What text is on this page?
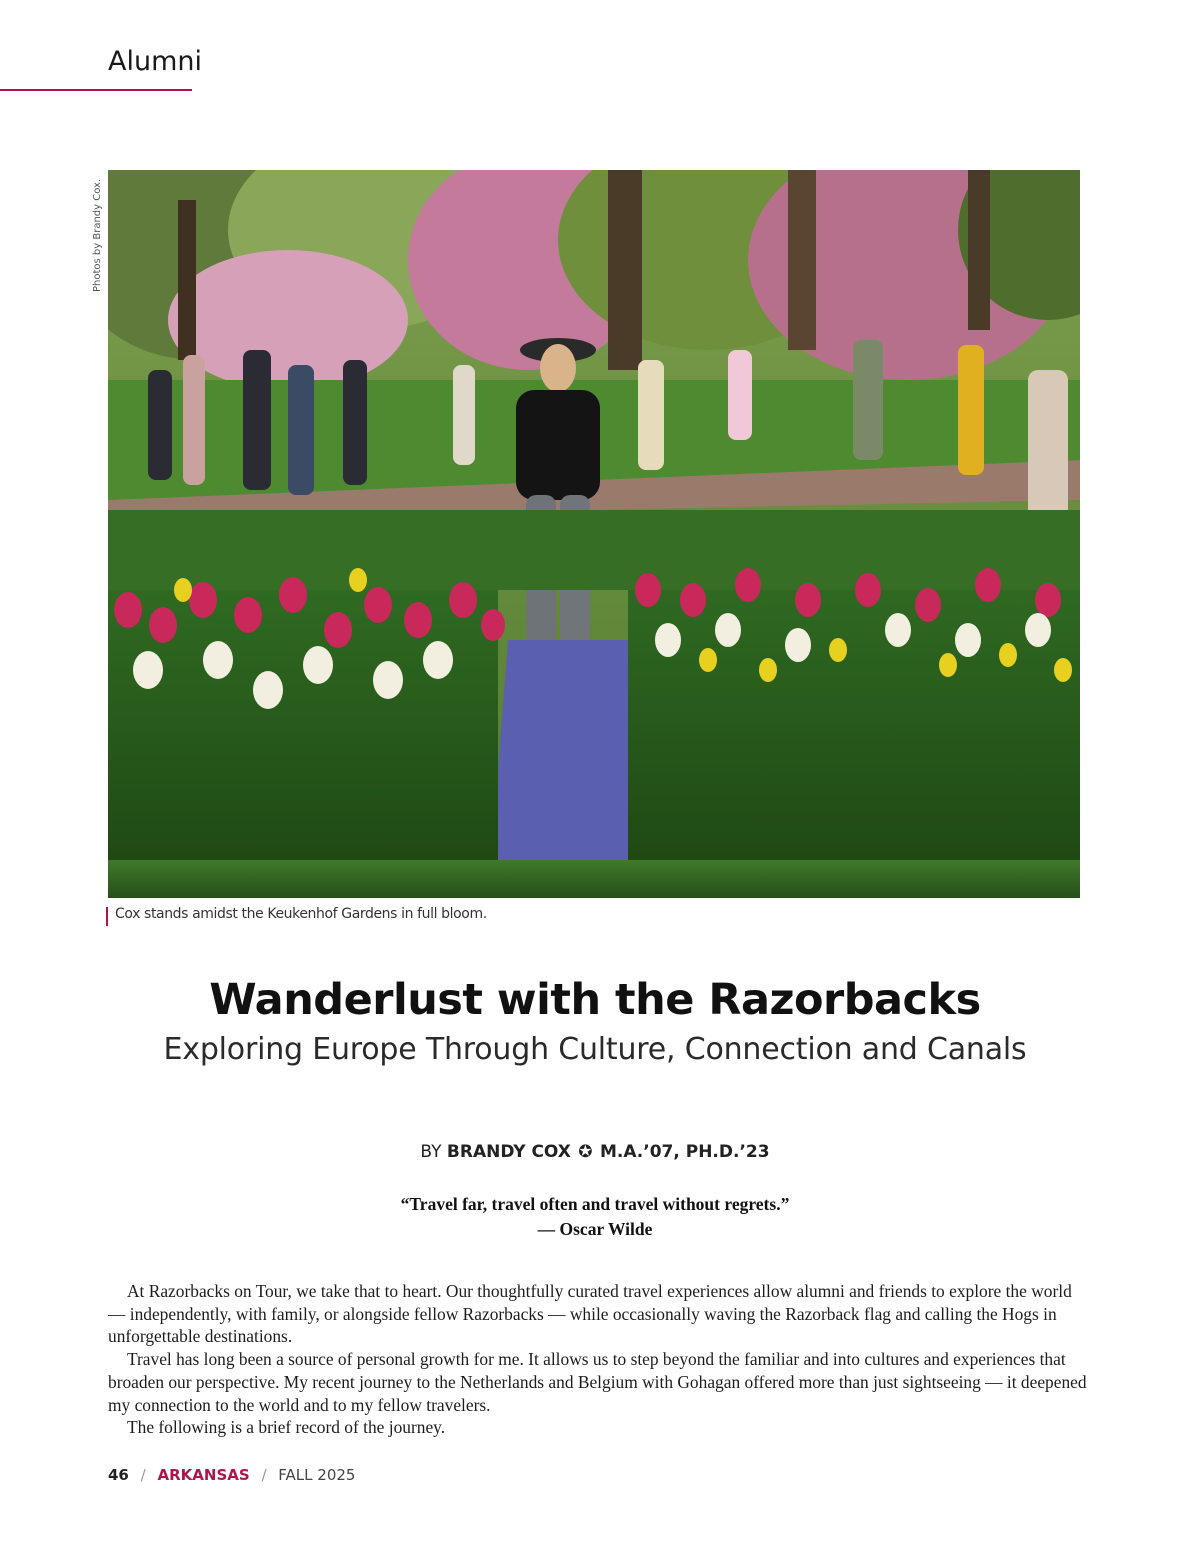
Alumni
Photos by Brandy Cox.
Cox stands amidst the Keukenhof Gardens in full bloom.
Wanderlust with the Razorbacks
Exploring Europe Through Culture, Connection and Canals
BY BRANDY COX ✪ M.A.’07, PH.D.’23
“Travel far, travel often and travel without regrets.”
— Oscar Wilde

At Razorbacks on Tour, we take that to heart. Our thoughtfully curated travel experiences allow alumni and friends to explore the world — independently, with family, or alongside fellow Razorbacks — while occasionally waving the Razorback flag and calling the Hogs in unforgettable destinations.

Travel has long been a source of personal growth for me. It allows us to step beyond the familiar and into cultures and experiences that broaden our perspective. My recent journey to the Netherlands and Belgium with Gohagan offered more than just sightseeing — it deepened my connection to the world and to my fellow travelers.

The following is a brief record of the journey.

46 / ARKANSAS / FALL 2025
